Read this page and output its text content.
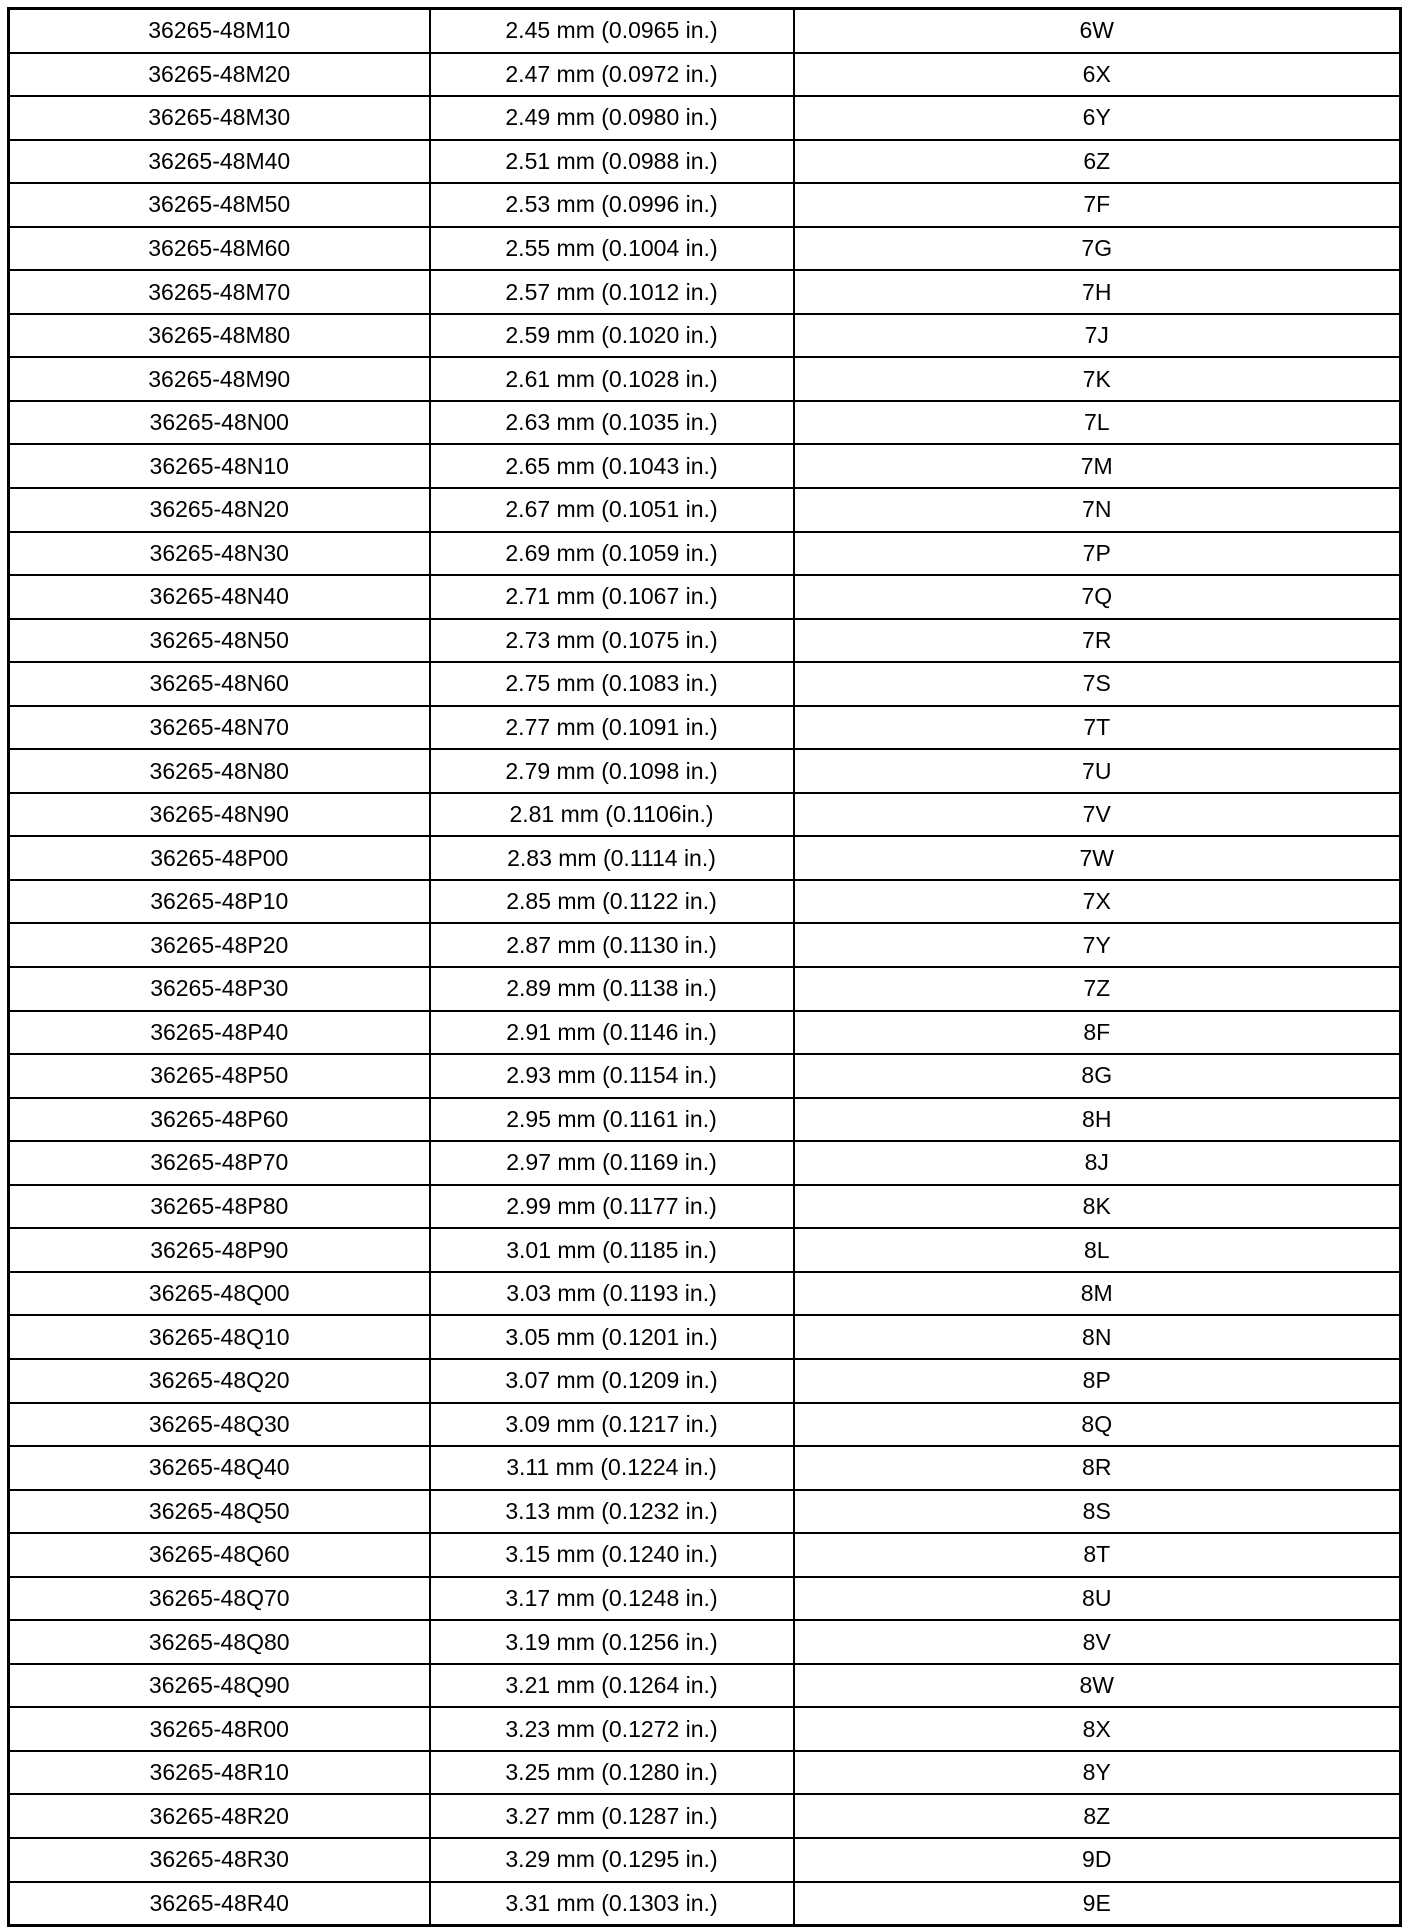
36265-48M10	2.45 mm (0.0965 in.)	6W
36265-48M20	2.47 mm (0.0972 in.)	6X
36265-48M30	2.49 mm (0.0980 in.)	6Y
36265-48M40	2.51 mm (0.0988 in.)	6Z
36265-48M50	2.53 mm (0.0996 in.)	7F
36265-48M60	2.55 mm (0.1004 in.)	7G
36265-48M70	2.57 mm (0.1012 in.)	7H
36265-48M80	2.59 mm (0.1020 in.)	7J
36265-48M90	2.61 mm (0.1028 in.)	7K
36265-48N00	2.63 mm (0.1035 in.)	7L
36265-48N10	2.65 mm (0.1043 in.)	7M
36265-48N20	2.67 mm (0.1051 in.)	7N
36265-48N30	2.69 mm (0.1059 in.)	7P
36265-48N40	2.71 mm (0.1067 in.)	7Q
36265-48N50	2.73 mm (0.1075 in.)	7R
36265-48N60	2.75 mm (0.1083 in.)	7S
36265-48N70	2.77 mm (0.1091 in.)	7T
36265-48N80	2.79 mm (0.1098 in.)	7U
36265-48N90	2.81 mm (0.1106in.)	7V
36265-48P00	2.83 mm (0.1114 in.)	7W
36265-48P10	2.85 mm (0.1122 in.)	7X
36265-48P20	2.87 mm (0.1130 in.)	7Y
36265-48P30	2.89 mm (0.1138 in.)	7Z
36265-48P40	2.91 mm (0.1146 in.)	8F
36265-48P50	2.93 mm (0.1154 in.)	8G
36265-48P60	2.95 mm (0.1161 in.)	8H
36265-48P70	2.97 mm (0.1169 in.)	8J
36265-48P80	2.99 mm (0.1177 in.)	8K
36265-48P90	3.01 mm (0.1185 in.)	8L
36265-48Q00	3.03 mm (0.1193 in.)	8M
36265-48Q10	3.05 mm (0.1201 in.)	8N
36265-48Q20	3.07 mm (0.1209 in.)	8P
36265-48Q30	3.09 mm (0.1217 in.)	8Q
36265-48Q40	3.11 mm (0.1224 in.)	8R
36265-48Q50	3.13 mm (0.1232 in.)	8S
36265-48Q60	3.15 mm (0.1240 in.)	8T
36265-48Q70	3.17 mm (0.1248 in.)	8U
36265-48Q80	3.19 mm (0.1256 in.)	8V
36265-48Q90	3.21 mm (0.1264 in.)	8W
36265-48R00	3.23 mm (0.1272 in.)	8X
36265-48R10	3.25 mm (0.1280 in.)	8Y
36265-48R20	3.27 mm (0.1287 in.)	8Z
36265-48R30	3.29 mm (0.1295 in.)	9D
36265-48R40	3.31 mm (0.1303 in.)	9E
